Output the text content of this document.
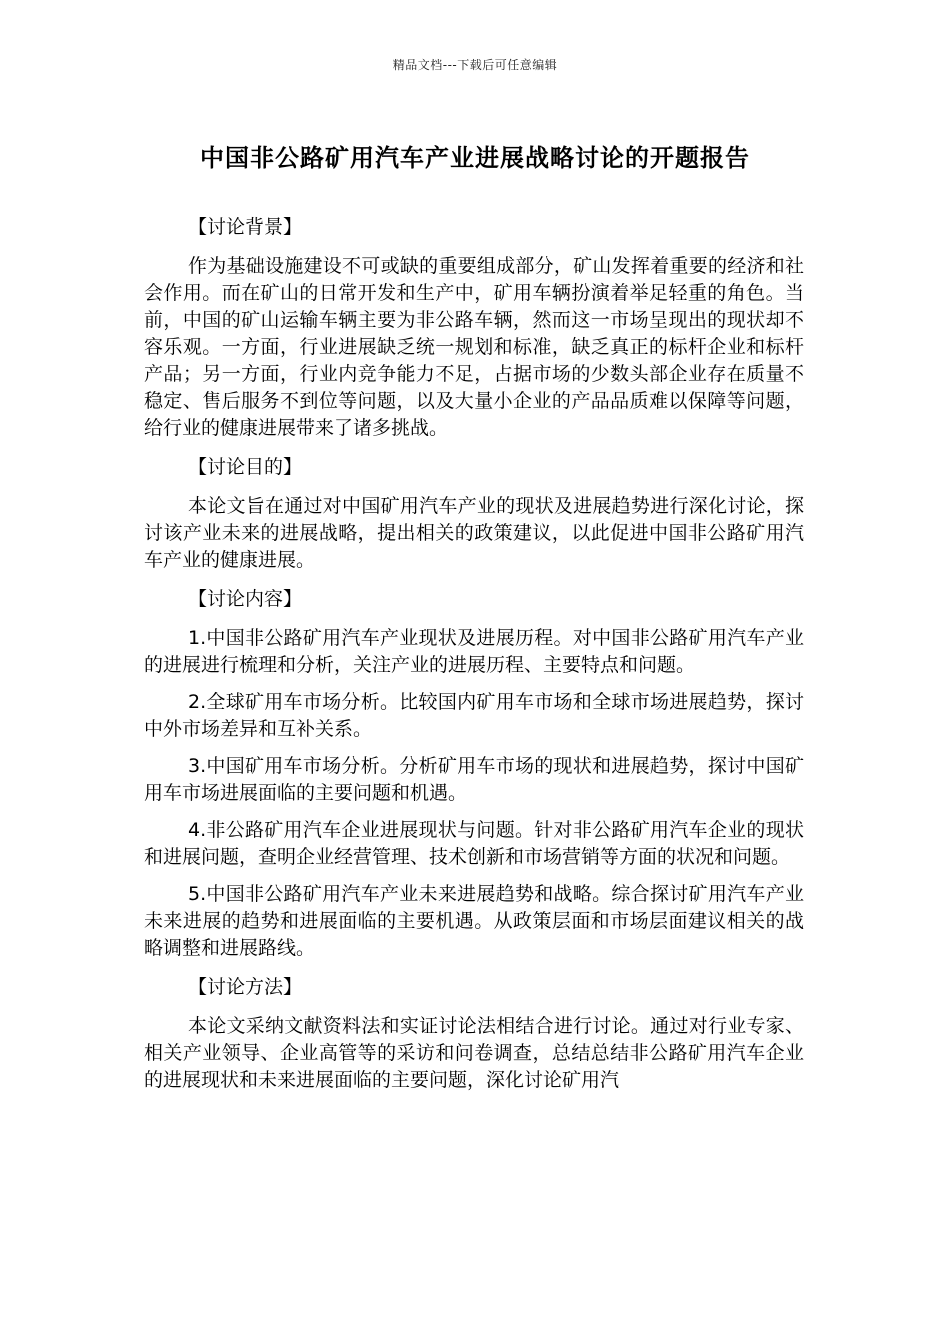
精品文档---下载后可任意编辑
中国非公路矿用汽车产业进展战略讨论的开题报告
【讨论背景】

作为基础设施建设不可或缺的重要组成部分，矿山发挥着重要的经济和社会作用。而在矿山的日常开发和生产中，矿用车辆扮演着举足轻重的角色。当前，中国的矿山运输车辆主要为非公路车辆，然而这一市场呈现出的现状却不容乐观。一方面，行业进展缺乏统一规划和标准，缺乏真正的标杆企业和标杆产品；另一方面，行业内竞争能力不足，占据市场的少数头部企业存在质量不稳定、售后服务不到位等问题，以及大量小企业的产品品质难以保障等问题，给行业的健康进展带来了诸多挑战。

【讨论目的】

本论文旨在通过对中国矿用汽车产业的现状及进展趋势进行深化讨论，探讨该产业未来的进展战略，提出相关的政策建议，以此促进中国非公路矿用汽车产业的健康进展。

【讨论内容】

1.中国非公路矿用汽车产业现状及进展历程。对中国非公路矿用汽车产业的进展进行梳理和分析，关注产业的进展历程、主要特点和问题。

2.全球矿用车市场分析。比较国内矿用车市场和全球市场进展趋势，探讨中外市场差异和互补关系。

3.中国矿用车市场分析。分析矿用车市场的现状和进展趋势，探讨中国矿用车市场进展面临的主要问题和机遇。

4.非公路矿用汽车企业进展现状与问题。针对非公路矿用汽车企业的现状和进展问题，查明企业经营管理、技术创新和市场营销等方面的状况和问题。

5.中国非公路矿用汽车产业未来进展趋势和战略。综合探讨矿用汽车产业未来进展的趋势和进展面临的主要机遇。从政策层面和市场层面建议相关的战略调整和进展路线。

【讨论方法】

本论文采纳文献资料法和实证讨论法相结合进行讨论。通过对行业专家、相关产业领导、企业高管等的采访和问卷调查，总结总结非公路矿用汽车企业的进展现状和未来进展面临的主要问题，深化讨论矿用汽
